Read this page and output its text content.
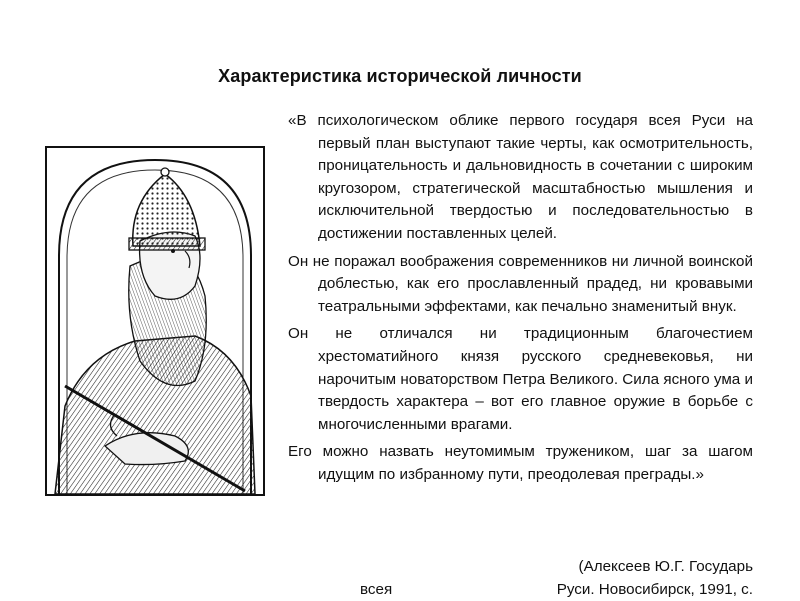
Характеристика исторической личности

«В психологическом облике первого государя всея Руси на первый план выступают такие черты, как осмотрительность, проницательность и дальновидность в сочетании с широким кругозором, стратегической масштабностью мышления и исключительной твердостью и последовательностью в достижении поставленных целей.

Он не поражал воображения современников ни личной воинской доблестью, как его прославленный прадед, ни кровавыми театральными эффектами, как печально знаменитый внук.

Он не отличался ни традиционным благочестием хрестоматийного князя русского средневековья, ни нарочитым новаторством Петра Великого. Сила ясного ума и твердость характера – вот его главное оружие в борьбе с многочисленными врагами.

Его можно назвать неутомимым тружеником, шаг за шагом идущим по избранному пути, преодолевая преграды.»

(Алексеев Ю.Г. Государь
всея	Руси. Новосибирск, 1991, с.
